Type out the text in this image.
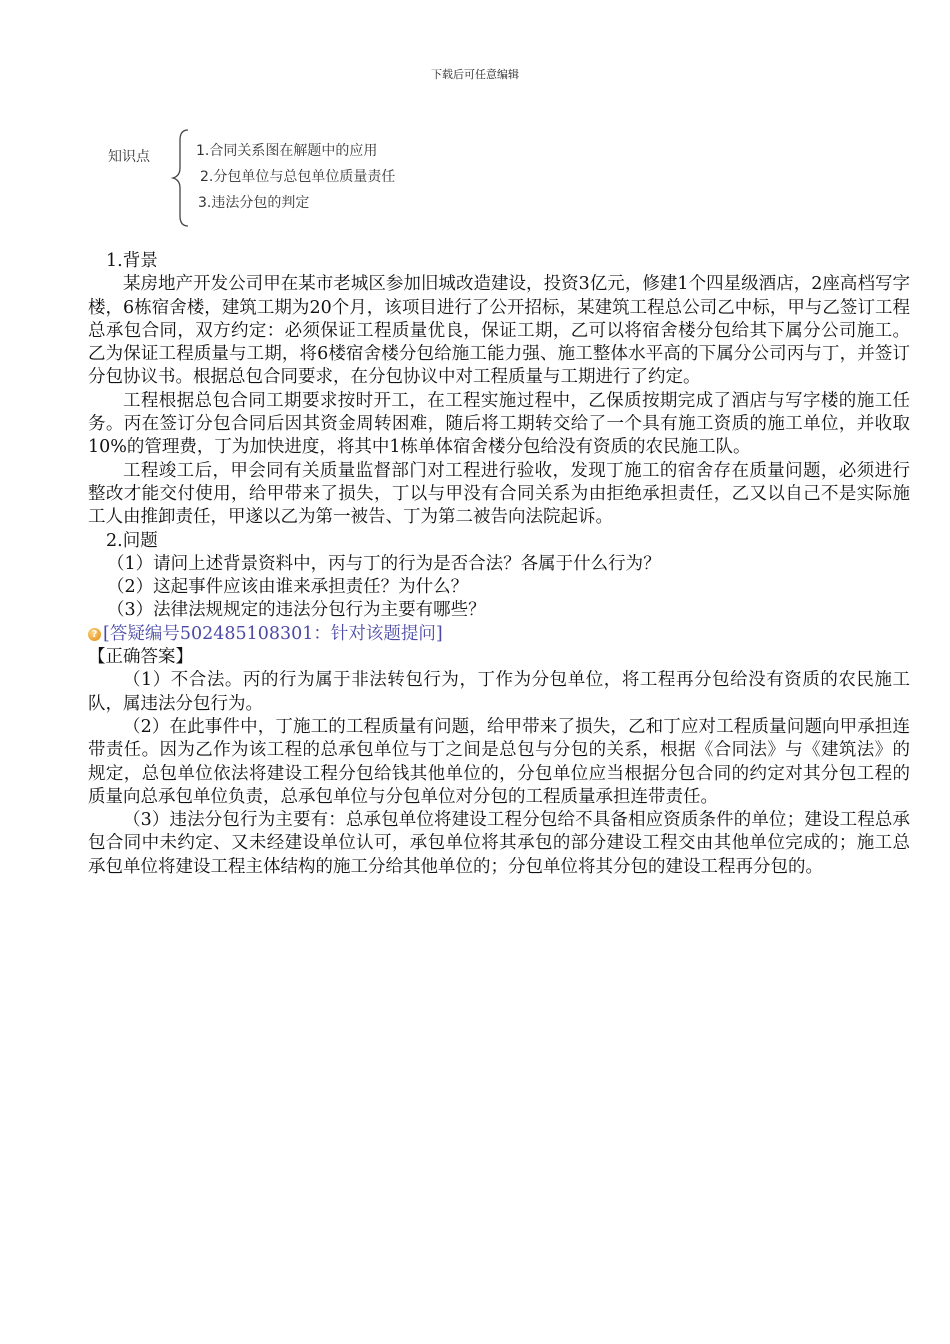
下载后可任意编辑
知识点	1.合同关系图在解题中的应用
2.分包单位与总包单位质量责任
3.违法分包的判定

1.背景

某房地产开发公司甲在某市老城区参加旧城改造建设，投资3亿元，修建1个四星级酒店，2座高档写字楼，6栋宿舍楼，建筑工期为20个月，该项目进行了公开招标，某建筑工程总公司乙中标，甲与乙签订工程总承包合同，双方约定：必须保证工程质量优良，保证工期，乙可以将宿舍楼分包给其下属分公司施工。乙为保证工程质量与工期，将6楼宿舍楼分包给施工能力强、施工整体水平高的下属分公司丙与丁，并签订分包协议书。根据总包合同要求，在分包协议中对工程质量与工期进行了约定。

工程根据总包合同工期要求按时开工，在工程实施过程中，乙保质按期完成了酒店与写字楼的施工任务。丙在签订分包合同后因其资金周转困难，随后将工期转交给了一个具有施工资质的施工单位，并收取10%的管理费，丁为加快进度，将其中1栋单体宿舍楼分包给没有资质的农民施工队。

工程竣工后，甲会同有关质量监督部门对工程进行验收，发现丁施工的宿舍存在质量问题，必须进行整改才能交付使用，给甲带来了损失，丁以与甲没有合同关系为由拒绝承担责任，乙又以自己不是实际施工人由推卸责任，甲遂以乙为第一被告、丁为第二被告向法院起诉。

2.问题

（1）请问上述背景资料中，丙与丁的行为是否合法？各属于什么行为？

（2）这起事件应该由谁来承担责任？为什么？

（3）法律法规规定的违法分包行为主要有哪些？

? [答疑编号502485108301：针对该题提问]

【正确答案】

（1）不合法。丙的行为属于非法转包行为，丁作为分包单位，将工程再分包给没有资质的农民施工队，属违法分包行为。

（2）在此事件中，丁施工的工程质量有问题，给甲带来了损失，乙和丁应对工程质量问题向甲承担连带责任。因为乙作为该工程的总承包单位与丁之间是总包与分包的关系，根据《合同法》与《建筑法》的规定，总包单位依法将建设工程分包给钱其他单位的，分包单位应当根据分包合同的约定对其分包工程的质量向总承包单位负责，总承包单位与分包单位对分包的工程质量承担连带责任。

（3）违法分包行为主要有：总承包单位将建设工程分包给不具备相应资质条件的单位；建设工程总承包合同中未约定、又未经建设单位认可，承包单位将其承包的部分建设工程交由其他单位完成的；施工总承包单位将建设工程主体结构的施工分给其他单位的；分包单位将其分包的建设工程再分包的。
